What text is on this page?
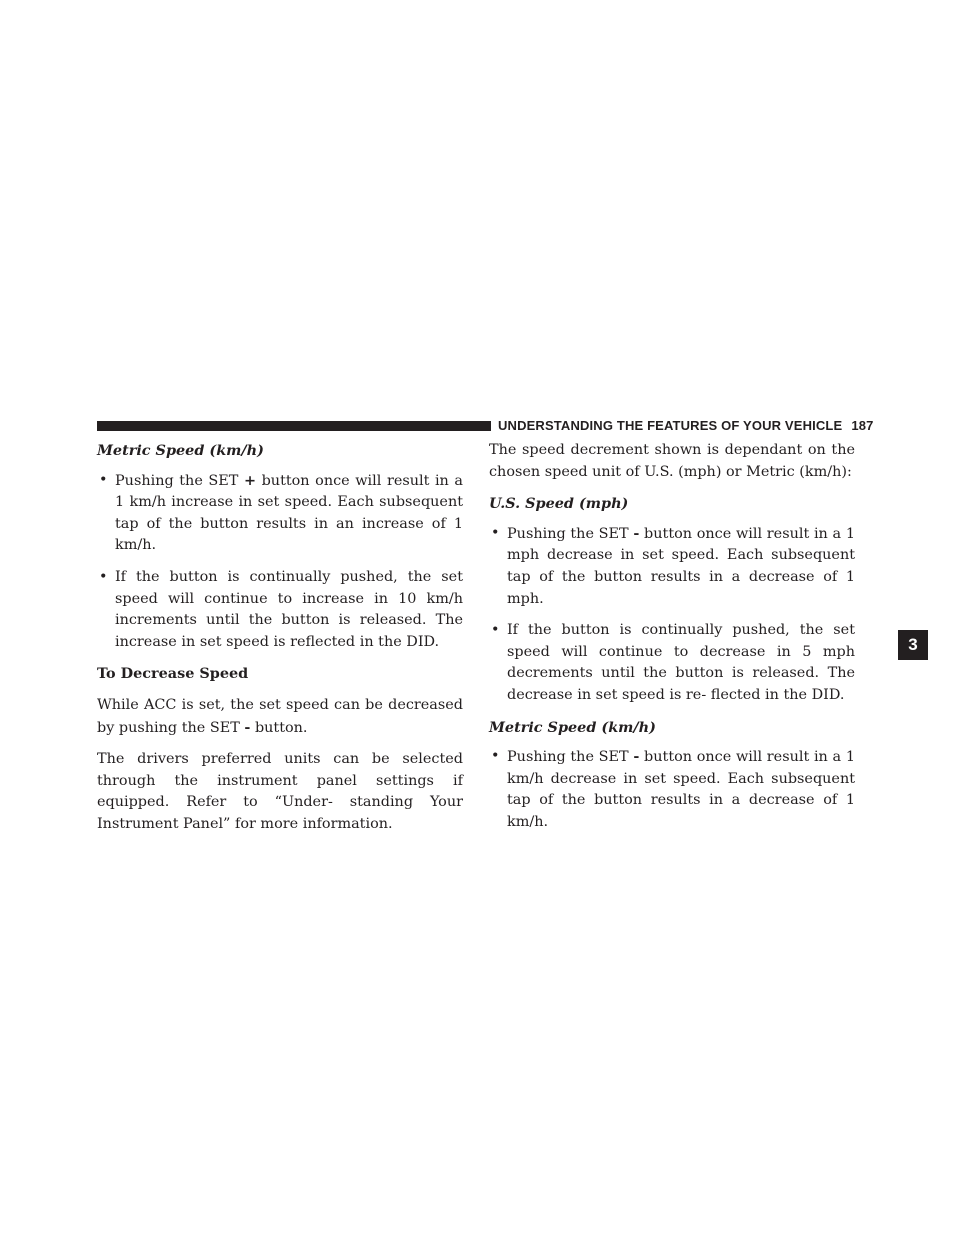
UNDERSTANDING THE FEATURES OF YOUR VEHICLE 187
3

Metric Speed (km/h)

• Pushing the SET + button once will result in a 1 km/h increase in set speed. Each subsequent tap of the button results in an increase of 1 km/h.

• If the button is continually pushed, the set speed will continue to increase in 10 km/h increments until the button is released. The increase in set speed is reflected in the DID.

To Decrease Speed

While ACC is set, the set speed can be decreased by pushing the SET - button.

The drivers preferred units can be selected through the instrument panel settings if equipped. Refer to “Under- standing Your Instrument Panel” for more information.

The speed decrement shown is dependant on the chosen speed unit of U.S. (mph) or Metric (km/h):

U.S. Speed (mph)

• Pushing the SET - button once will result in a 1 mph decrease in set speed. Each subsequent tap of the button results in a decrease of 1 mph.

• If the button is continually pushed, the set speed will continue to decrease in 5 mph decrements until the button is released. The decrease in set speed is re- flected in the DID.

Metric Speed (km/h)

• Pushing the SET - button once will result in a 1 km/h decrease in set speed. Each subsequent tap of the button results in a decrease of 1 km/h.
